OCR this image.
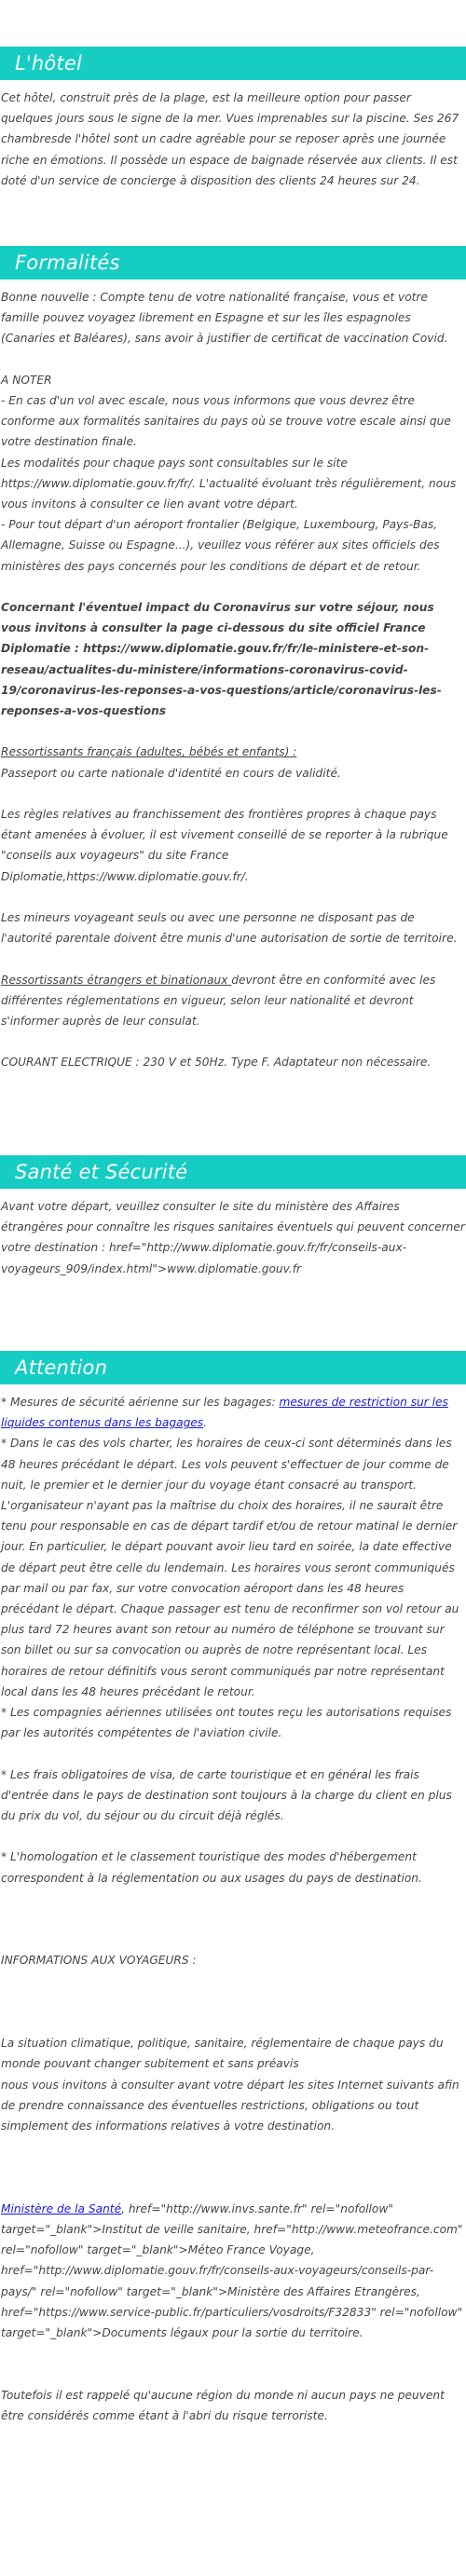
L'hôtel

Cet hôtel, construit près de la plage, est la meilleure option pour passer quelques jours sous le signe de la mer. Vues imprenables sur la piscine. Ses 267 chambresde l'hôtel sont un cadre agréable pour se reposer après une journée riche en émotions. Il possède un espace de baignade réservée aux clients. Il est doté d'un service de concierge à disposition des clients 24 heures sur 24.

Formalités

Bonne nouvelle : Compte tenu de votre nationalité française, vous et votre famille pouvez voyagez librement en Espagne et sur les îles espagnoles (Canaries et Baléares), sans avoir à justifier de certificat de vaccination Covid.

A NOTER

- En cas d'un vol avec escale, nous vous informons que vous devrez être conforme aux formalités sanitaires du pays où se trouve votre escale ainsi que votre destination finale.

Les modalités pour chaque pays sont consultables sur le site https://www.diplomatie.gouv.fr/fr/. L'actualité évoluant très régulièrement, nous vous invitons à consulter ce lien avant votre départ.

- Pour tout départ d'un aéroport frontalier (Belgique, Luxembourg, Pays-Bas, Allemagne, Suisse ou Espagne...), veuillez vous référer aux sites officiels des ministères des pays concernés pour les conditions de départ et de retour.

Concernant l'éventuel impact du Coronavirus sur votre séjour, nous vous invitons à consulter la page ci-dessous du site officiel France Diplomatie : https://www.diplomatie.gouv.fr/fr/le-ministere-et-son-reseau/actualites-du-ministere/informations-coronavirus-covid-19/coronavirus-les-reponses-a-vos-questions/article/coronavirus-les-reponses-a-vos-questions

Ressortissants français (adultes, bébés et enfants) :
Passeport ou carte nationale d'identité en cours de validité.

Les règles relatives au franchissement des frontières propres à chaque pays étant amenées à évoluer, il est vivement conseillé de se reporter à la rubrique "conseils aux voyageurs" du site France Diplomatie,https://www.diplomatie.gouv.fr/.

Les mineurs voyageant seuls ou avec une personne ne disposant pas de l'autorité parentale doivent être munis d'une autorisation de sortie de territoire.

Ressortissants étrangers et binationaux devront être en conformité avec les différentes réglementations en vigueur, selon leur nationalité et devront s'informer auprès de leur consulat.

COURANT ELECTRIQUE : 230 V et 50Hz. Type F. Adaptateur non nécessaire.

Santé et Sécurité

Avant votre départ, veuillez consulter le site du ministère des Affaires étrangères pour connaître les risques sanitaires éventuels qui peuvent concerner votre destination : href="http://www.diplomatie.gouv.fr/fr/conseils-aux-voyageurs_909/index.html">www.diplomatie.gouv.fr

Attention

* Mesures de sécurité aérienne sur les bagages: mesures de restriction sur les liquides contenus dans les bagages.

* Dans le cas des vols charter, les horaires de ceux-ci sont déterminés dans les 48 heures précédant le départ. Les vols peuvent s'effectuer de jour comme de nuit, le premier et le dernier jour du voyage étant consacré au transport. L'organisateur n'ayant pas la maîtrise du choix des horaires, il ne saurait être tenu pour responsable en cas de départ tardif et/ou de retour matinal le dernier jour. En particulier, le départ pouvant avoir lieu tard en soirée, la date effective de départ peut être celle du lendemain. Les horaires vous seront communiqués par mail ou par fax, sur votre convocation aéroport dans les 48 heures précédant le départ. Chaque passager est tenu de reconfirmer son vol retour au plus tard 72 heures avant son retour au numéro de téléphone se trouvant sur son billet ou sur sa convocation ou auprès de notre représentant local. Les horaires de retour définitifs vous seront communiqués par notre représentant local dans les 48 heures précédant le retour.

* Les compagnies aériennes utilisées ont toutes reçu les autorisations requises par les autorités compétentes de l'aviation civile.

* Les frais obligatoires de visa, de carte touristique et en général les frais d'entrée dans le pays de destination sont toujours à la charge du client en plus du prix du vol, du séjour ou du circuit déjà réglés.

* L'homologation et le classement touristique des modes d'hébergement correspondent à la réglementation ou aux usages du pays de destination.

INFORMATIONS AUX VOYAGEURS :

La situation climatique, politique, sanitaire, réglementaire de chaque pays du monde pouvant changer subitement et sans préavis

nous vous invitons à consulter avant votre départ les sites Internet suivants afin de prendre connaissance des éventuelles restrictions, obligations ou tout simplement des informations relatives à votre destination.

Ministère de la Santé, href="http://www.invs.sante.fr" rel="nofollow" target="_blank">Institut de veille sanitaire, href="http://www.meteofrance.com" rel="nofollow" target="_blank">Méteo France Voyage, href="http://www.diplomatie.gouv.fr/fr/conseils-aux-voyageurs/conseils-par-pays/" rel="nofollow" target="_blank">Ministère des Affaires Etrangères, href="https://www.service-public.fr/particuliers/vosdroits/F32833" rel="nofollow" target="_blank">Documents légaux pour la sortie du territoire.

Toutefois il est rappelé qu'aucune région du monde ni aucun pays ne peuvent être considérés comme étant à l'abri du risque terroriste.
